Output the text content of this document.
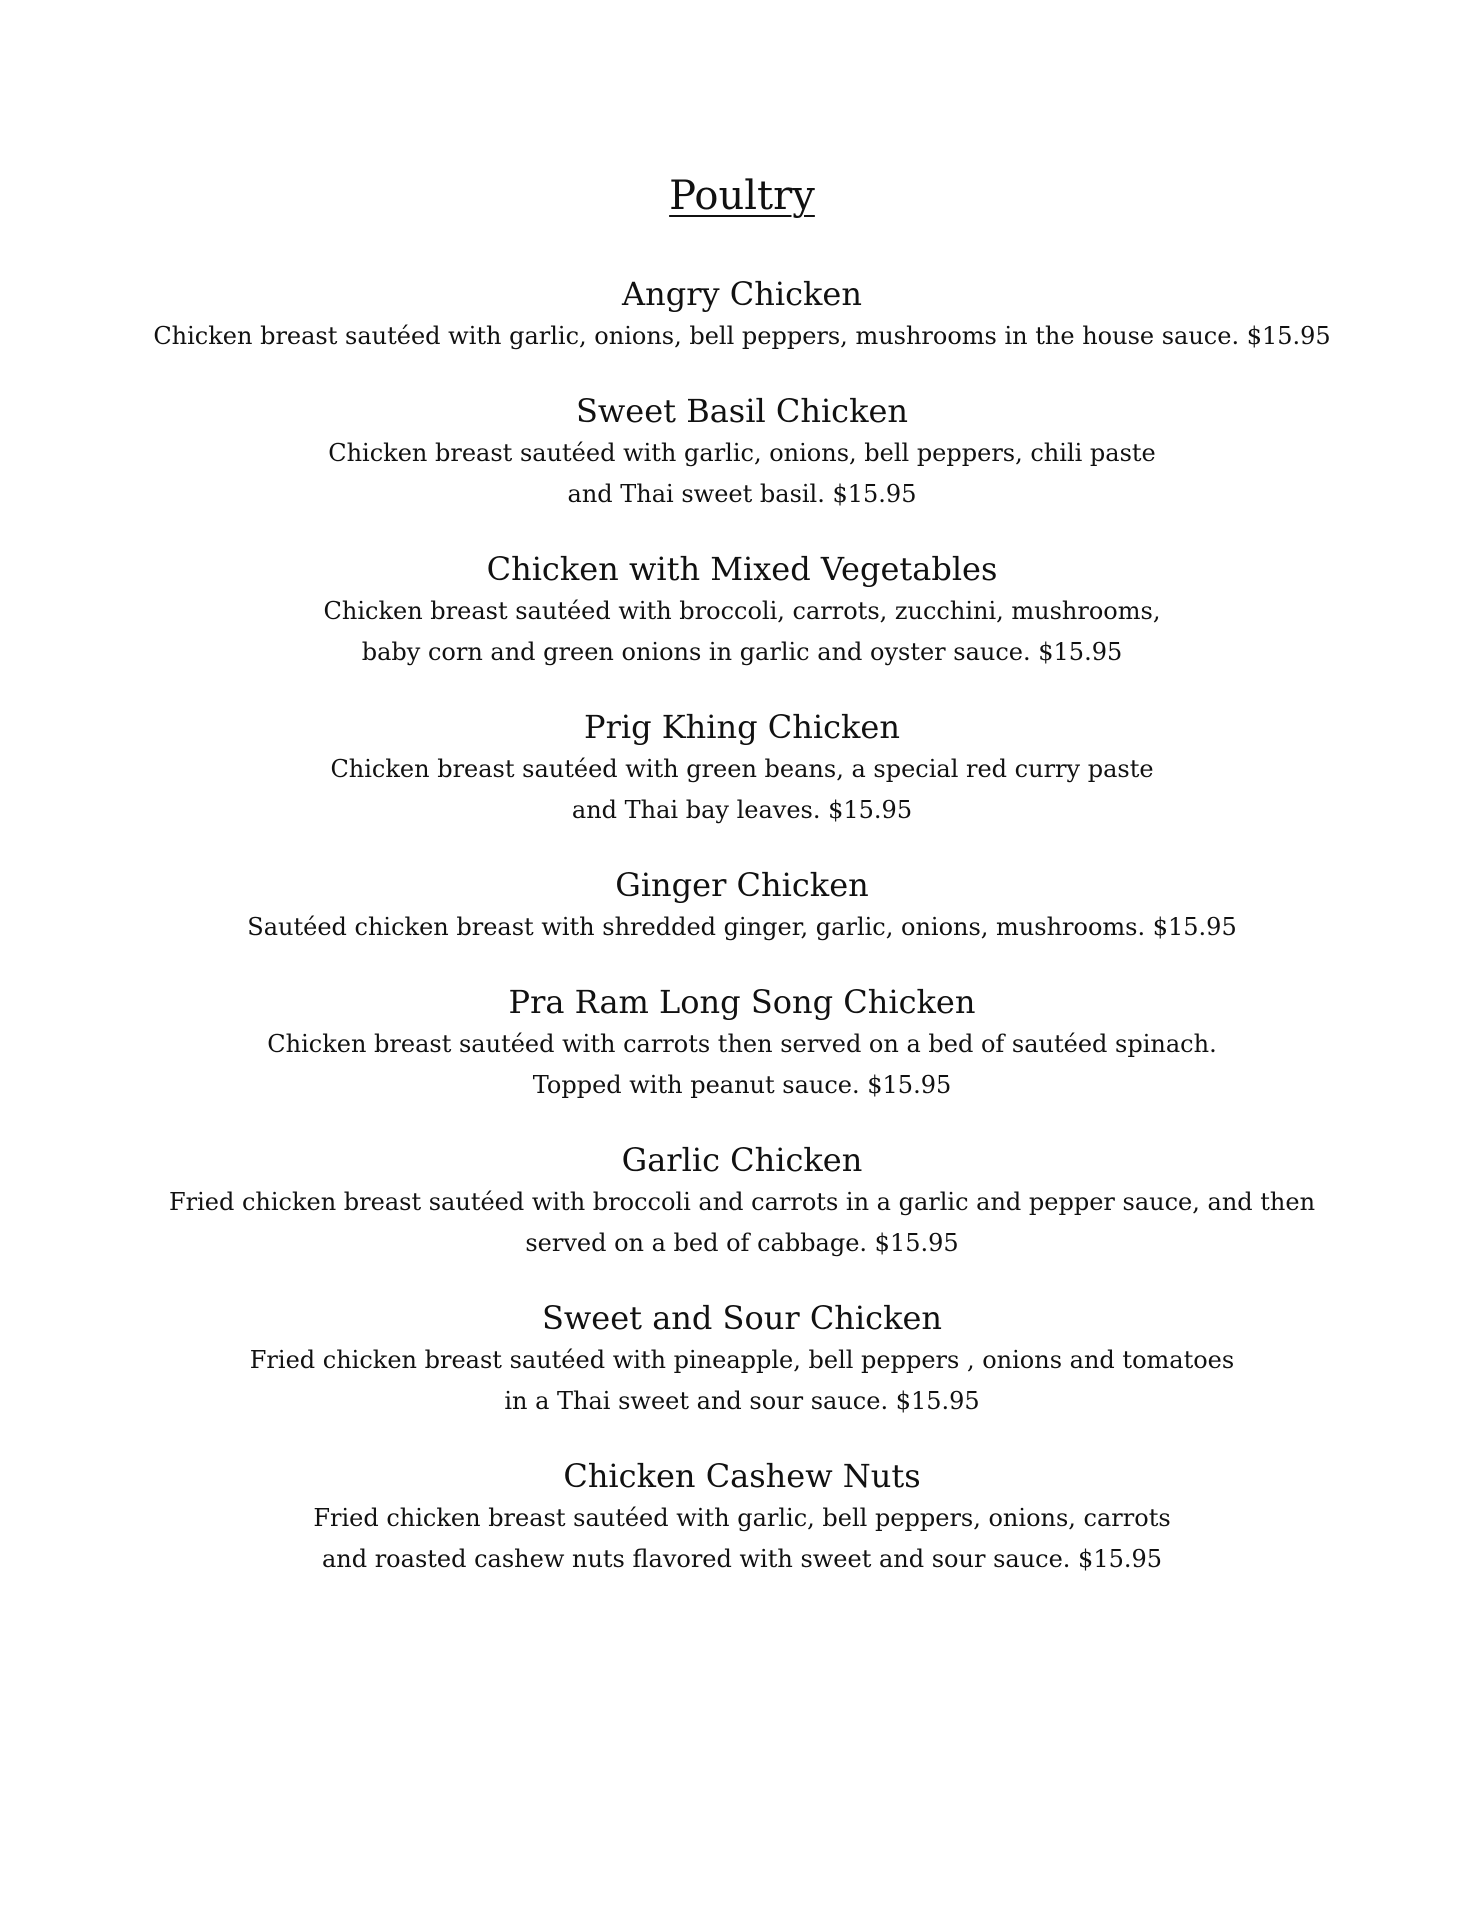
Poultry
Angry Chicken

Chicken breast sautéed with garlic, onions, bell peppers, mushrooms in the house sauce. $15.95

Sweet Basil Chicken

Chicken breast sautéed with garlic, onions, bell peppers, chili paste
and Thai sweet basil. $15.95

Chicken with Mixed Vegetables

Chicken breast sautéed with broccoli, carrots, zucchini, mushrooms,
baby corn and green onions in garlic and oyster sauce. $15.95

Prig Khing Chicken

Chicken breast sautéed with green beans, a special red curry paste
and Thai bay leaves. $15.95

Ginger Chicken

Sautéed chicken breast with shredded ginger, garlic, onions, mushrooms. $15.95

Pra Ram Long Song Chicken

Chicken breast sautéed with carrots then served on a bed of sautéed spinach.
Topped with peanut sauce. $15.95

Garlic Chicken

Fried chicken breast sautéed with broccoli and carrots in a garlic and pepper sauce, and then
served on a bed of cabbage. $15.95

Sweet and Sour Chicken

Fried chicken breast sautéed with pineapple, bell peppers , onions and tomatoes
in a Thai sweet and sour sauce. $15.95

Chicken Cashew Nuts

Fried chicken breast sautéed with garlic, bell peppers, onions, carrots
and roasted cashew nuts flavored with sweet and sour sauce. $15.95
